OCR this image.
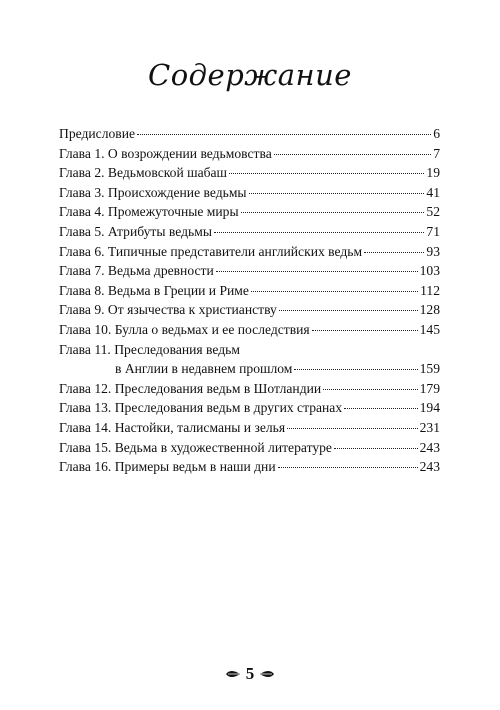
Содержание
Предисловие	6
Глава 1. О возрождении ведьмовства	7
Глава 2. Ведьмовской шабаш	19
Глава 3. Происхождение ведьмы	41
Глава 4. Промежуточные миры	52
Глава 5. Атрибуты ведьмы	71
Глава 6. Типичные представители английских ведьм	93
Глава 7. Ведьма древности	103
Глава 8. Ведьма в Греции и Риме	112
Глава 9. От язычества к христианству	128
Глава 10. Булла о ведьмах и ее последствия	145
Глава 11. Преследования ведьм
в Англии в недавнем прошлом	159
Глава 12. Преследования ведьм в Шотландии	179
Глава 13. Преследования ведьм в других странах	194
Глава 14. Настойки, талисманы и зелья	231
Глава 15. Ведьма в художественной литературе	243
Глава 16. Примеры ведьм в наши дни	243
5
